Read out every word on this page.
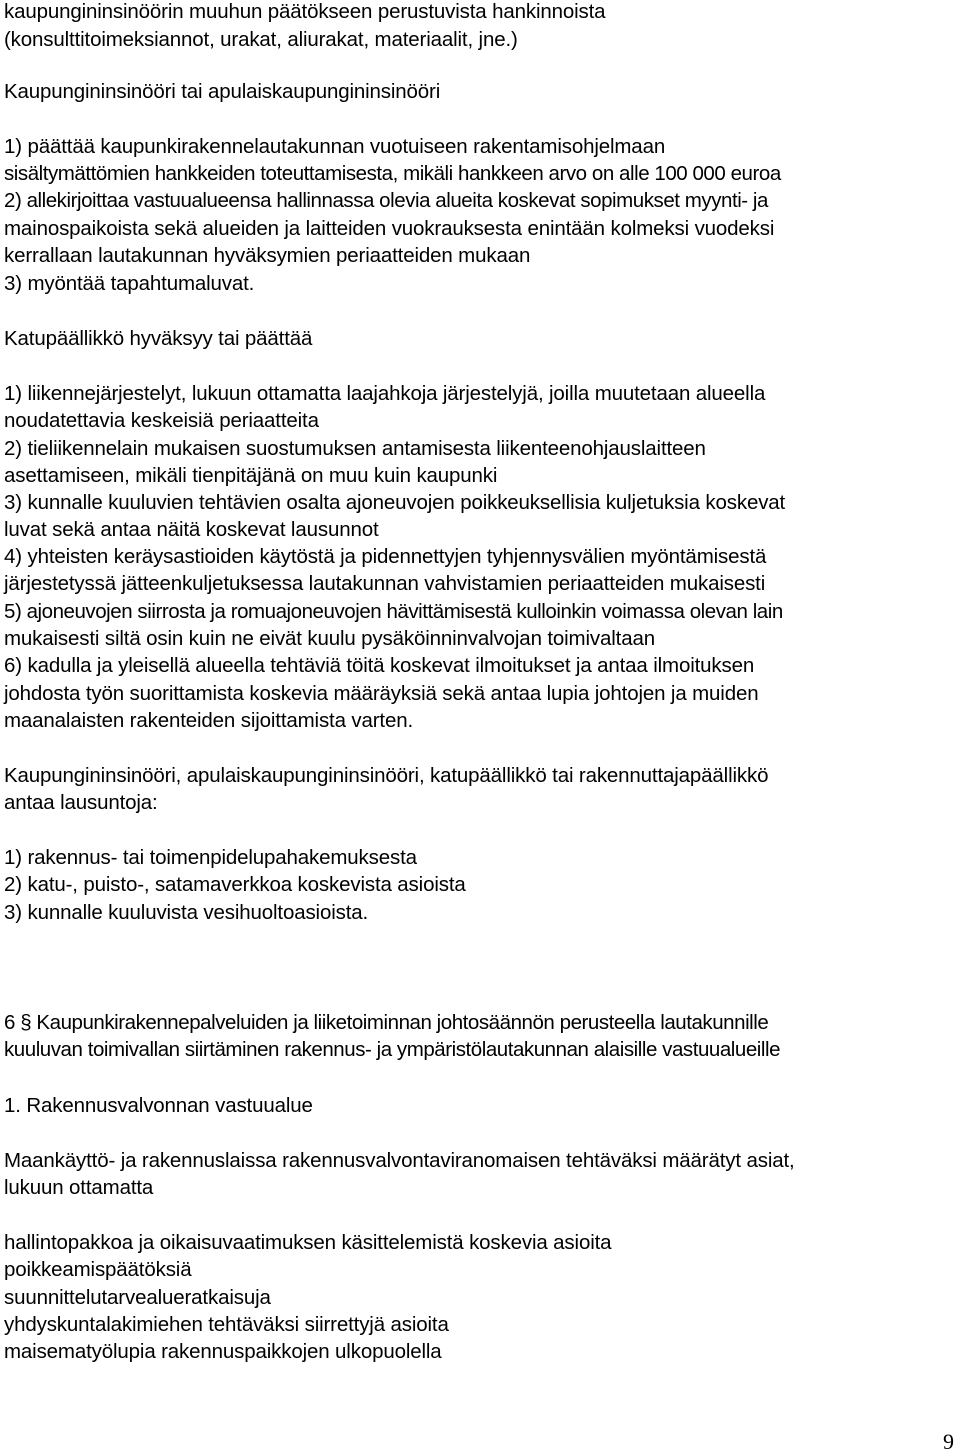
kaupungininsinöörin muuhun päätökseen perustuvista hankinnoista
(konsulttitoimeksiannot, urakat, aliurakat, materiaalit, jne.)
Kaupungininsinööri tai apulaiskaupungininsinööri
1) päättää kaupunkirakennelautakunnan vuotuiseen rakentamisohjelmaan
sisältymättömien hankkeiden toteuttamisesta, mikäli hankkeen arvo on alle 100 000 euroa
2) allekirjoittaa vastuualueensa hallinnassa olevia alueita koskevat sopimukset myynti- ja
mainospaikoista sekä alueiden ja laitteiden vuokrauksesta enintään kolmeksi vuodeksi
kerrallaan lautakunnan hyväksymien periaatteiden mukaan
3) myöntää tapahtumaluvat.
Katupäällikkö hyväksyy tai päättää
1) liikennejärjestelyt, lukuun ottamatta laajahkoja järjestelyjä, joilla muutetaan alueella
noudatettavia keskeisiä periaatteita
2) tieliikennelain mukaisen suostumuksen antamisesta liikenteenohjauslaitteen
asettamiseen, mikäli tienpitäjänä on muu kuin kaupunki
3) kunnalle kuuluvien tehtävien osalta ajoneuvojen poikkeuksellisia kuljetuksia koskevat
luvat sekä antaa näitä koskevat lausunnot
4) yhteisten keräysastioiden käytöstä ja pidennettyjen tyhjennysvälien myöntämisestä
järjestetyssä jätteenkuljetuksessa lautakunnan vahvistamien periaatteiden mukaisesti
5) ajoneuvojen siirrosta ja romuajoneuvojen hävittämisestä kulloinkin voimassa olevan lain
mukaisesti siltä osin kuin ne eivät kuulu pysäköinninvalvojan toimivaltaan
6) kadulla ja yleisellä alueella tehtäviä töitä koskevat ilmoitukset ja antaa ilmoituksen
johdosta työn suorittamista koskevia määräyksiä sekä antaa lupia johtojen ja muiden
maanalaisten rakenteiden sijoittamista varten.
Kaupungininsinööri, apulaiskaupungininsinööri, katupäällikkö tai rakennuttajapäällikkö
antaa lausuntoja:
1) rakennus- tai toimenpidelupahakemuksesta
2) katu-, puisto-, satamaverkkoa koskevista asioista
3) kunnalle kuuluvista vesihuoltoasioista.
6 § Kaupunkirakennepalveluiden ja liiketoiminnan johtosäännön perusteella lautakunnille
kuuluvan toimivallan siirtäminen rakennus- ja ympäristölautakunnan alaisille vastuualueille
1. Rakennusvalvonnan vastuualue
Maankäyttö- ja rakennuslaissa rakennusvalvontaviranomaisen tehtäväksi määrätyt asiat,
lukuun ottamatta
hallintopakkoa ja oikaisuvaatimuksen käsittelemistä koskevia asioita
poikkeamispäätöksiä
suunnittelutarvealueratkaisuja
yhdyskuntalakimiehen tehtäväksi siirrettyjä asioita
maisematyölupia rakennuspaikkojen ulkopuolella
9
